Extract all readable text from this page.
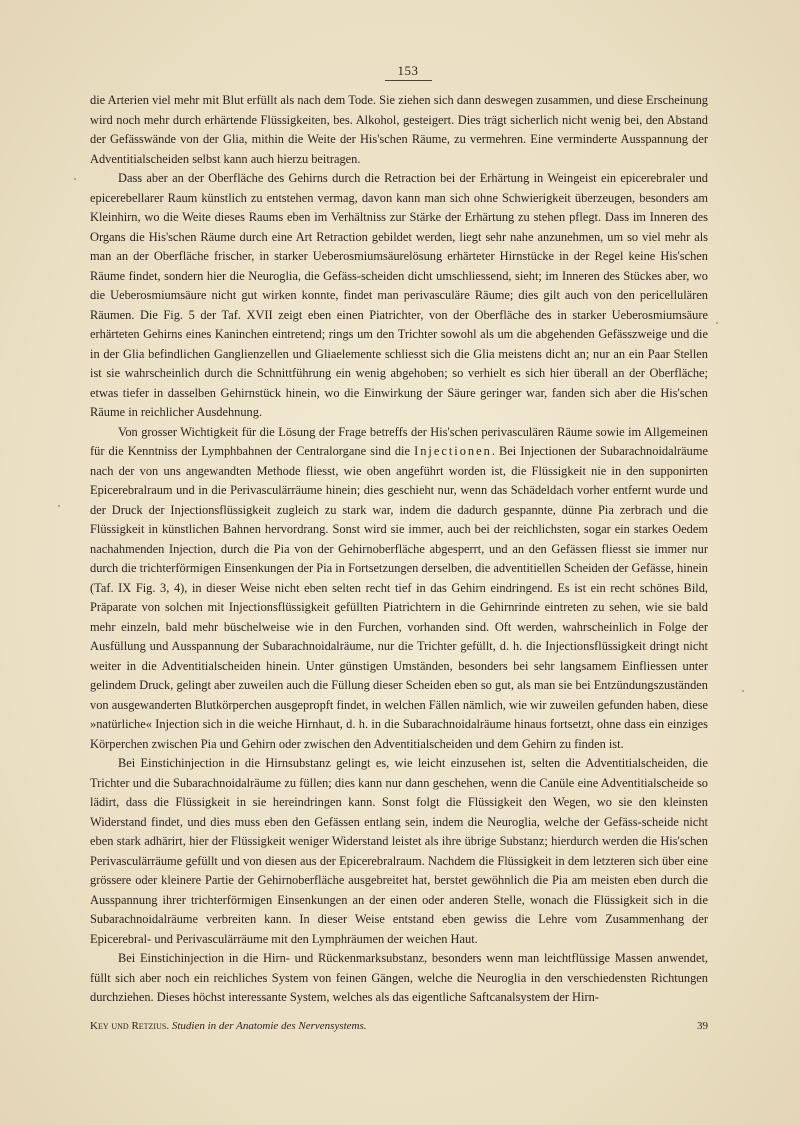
153

die Arterien viel mehr mit Blut erfüllt als nach dem Tode. Sie ziehen sich dann deswegen zusammen, und diese Erscheinung wird noch mehr durch erhärtende Flüssigkeiten, bes. Alkohol, gesteigert. Dies trägt sicherlich nicht wenig bei, den Abstand der Gefässwände von der Glia, mithin die Weite der His'schen Räume, zu vermehren. Eine verminderte Ausspannung der Adventitialscheiden selbst kann auch hierzu beitragen.

Dass aber an der Oberfläche des Gehirns durch die Retraction bei der Erhärtung in Weingeist ein epicerebraler und epicerebellarer Raum künstlich zu entstehen vermag, davon kann man sich ohne Schwierigkeit überzeugen, besonders am Kleinhirn, wo die Weite dieses Raums eben im Verhältniss zur Stärke der Erhärtung zu stehen pflegt. Dass im Inneren des Organs die His'schen Räume durch eine Art Retraction gebildet werden, liegt sehr nahe anzunehmen, um so viel mehr als man an der Oberfläche frischer, in starker Ueberosmiumsäurelösung erhärteter Hirnstücke in der Regel keine His'schen Räume findet, sondern hier die Neuroglia, die Gefäss-scheiden dicht umschliessend, sieht; im Inneren des Stückes aber, wo die Ueberosmiumsäure nicht gut wirken konnte, findet man perivasculäre Räume; dies gilt auch von den pericellulären Räumen. Die Fig. 5 der Taf. XVII zeigt eben einen Piatrichter, von der Oberfläche des in starker Ueberosmiumsäure erhärteten Gehirns eines Kaninchen eintretend; rings um den Trichter sowohl als um die abgehenden Gefässzweige und die in der Glia befindlichen Ganglienzellen und Gliaelemente schliesst sich die Glia meistens dicht an; nur an ein Paar Stellen ist sie wahrscheinlich durch die Schnittführung ein wenig abgehoben; so verhielt es sich hier überall an der Oberfläche; etwas tiefer in dasselben Gehirnstück hinein, wo die Einwirkung der Säure geringer war, fanden sich aber die His'schen Räume in reichlicher Ausdehnung.

Von grosser Wichtigkeit für die Lösung der Frage betreffs der His'schen perivasculären Räume sowie im Allgemeinen für die Kenntniss der Lymphbahnen der Centralorgane sind die Injectionen. Bei Injectionen der Subarachnoidalräume nach der von uns angewandten Methode fliesst, wie oben angeführt worden ist, die Flüssigkeit nie in den supponirten Epicerebralraum und in die Perivasculärräume hinein; dies geschieht nur, wenn das Schädeldach vorher entfernt wurde und der Druck der Injectionsflüssigkeit zugleich zu stark war, indem die dadurch gespannte, dünne Pia zerbrach und die Flüssigkeit in künstlichen Bahnen hervordrang. Sonst wird sie immer, auch bei der reichlichsten, sogar ein starkes Oedem nachahmenden Injection, durch die Pia von der Gehirnoberfläche abgesperrt, und an den Gefässen fliesst sie immer nur durch die trichterförmigen Einsenkungen der Pia in Fortsetzungen derselben, die adventitiellen Scheiden der Gefässe, hinein (Taf. IX Fig. 3, 4), in dieser Weise nicht eben selten recht tief in das Gehirn eindringend. Es ist ein recht schönes Bild, Präparate von solchen mit Injectionsflüssigkeit gefüllten Piatrichtern in die Gehirnrinde eintreten zu sehen, wie sie bald mehr einzeln, bald mehr büschelweise wie in den Furchen, vorhanden sind. Oft werden, wahrscheinlich in Folge der Ausfüllung und Ausspannung der Subarachnoidalräume, nur die Trichter gefüllt, d. h. die Injectionsflüssigkeit dringt nicht weiter in die Adventitialscheiden hinein. Unter günstigen Umständen, besonders bei sehr langsamem Einfliessen unter gelindem Druck, gelingt aber zuweilen auch die Füllung dieser Scheiden eben so gut, als man sie bei Entzündungszuständen von ausgewanderten Blutkörperchen ausgepropft findet, in welchen Fällen nämlich, wie wir zuweilen gefunden haben, diese »natürliche« Injection sich in die weiche Hirnhaut, d. h. in die Subarachnoidalräume hinaus fortsetzt, ohne dass ein einziges Körperchen zwischen Pia und Gehirn oder zwischen den Adventitialscheiden und dem Gehirn zu finden ist.

Bei Einstichinjection in die Hirnsubstanz gelingt es, wie leicht einzusehen ist, selten die Adventitialscheiden, die Trichter und die Subarachnoidalräume zu füllen; dies kann nur dann geschehen, wenn die Canüle eine Adventitialscheide so lädirt, dass die Flüssigkeit in sie hereindringen kann. Sonst folgt die Flüssigkeit den Wegen, wo sie den kleinsten Widerstand findet, und dies muss eben den Gefässen entlang sein, indem die Neuroglia, welche der Gefäss-scheide nicht eben stark adhärirt, hier der Flüssigkeit weniger Widerstand leistet als ihre übrige Substanz; hierdurch werden die His'schen Perivasculärräume gefüllt und von diesen aus der Epicerebralraum. Nachdem die Flüssigkeit in dem letzteren sich über eine grössere oder kleinere Partie der Gehirnoberfläche ausgebreitet hat, berstet gewöhnlich die Pia am meisten eben durch die Ausspannung ihrer trichterförmigen Einsenkungen an der einen oder anderen Stelle, wonach die Flüssigkeit sich in die Subarachnoidalräume verbreiten kann. In dieser Weise entstand eben gewiss die Lehre vom Zusammenhang der Epicerebral- und Perivasculärräume mit den Lymphräumen der weichen Haut.

Bei Einstichinjection in die Hirn- und Rückenmarksubstanz, besonders wenn man leichtflüssige Massen anwendet, füllt sich aber noch ein reichliches System von feinen Gängen, welche die Neuroglia in den verschiedensten Richtungen durchziehen. Dieses höchst interessante System, welches als das eigentliche Saftcanalsystem der Hirn-

Key und Retzius. Studien in der Anatomie des Nervensystems.	39
